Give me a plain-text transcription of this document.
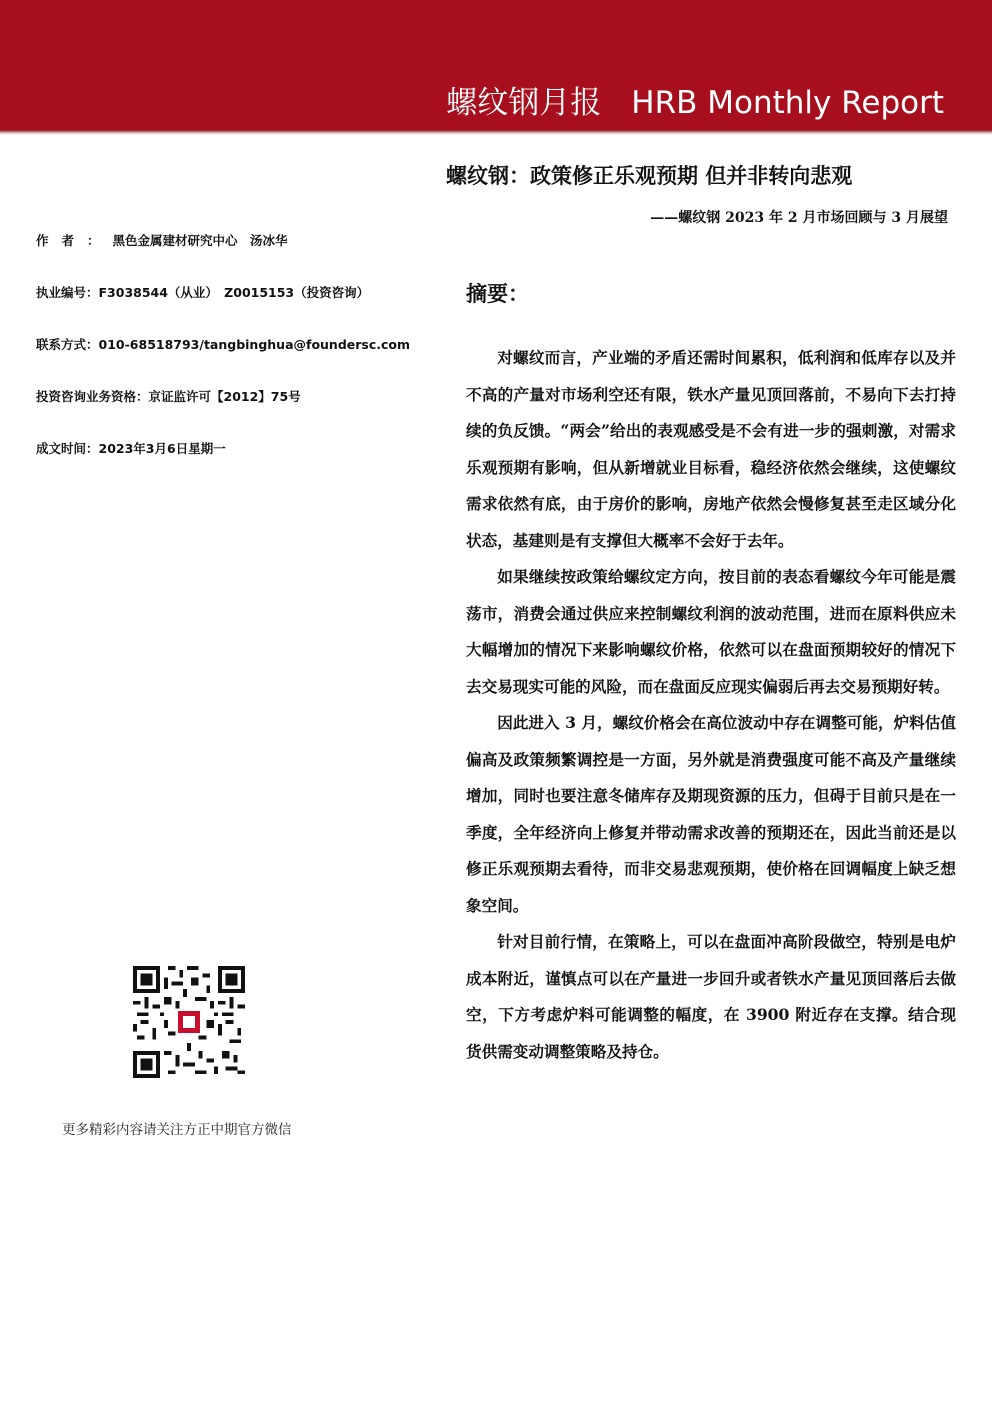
螺纹钢月报 HRB Monthly Report
螺纹钢：政策修正乐观预期 但并非转向悲观
——螺纹钢 2023 年 2 月市场回顾与 3 月展望
作者：黑色金属建材研究中心　汤冰华
执业编号：F3038544（从业）　Z0015153（投资咨询）
联系方式：010-68518793/tangbinghua@foundersc.com
投资咨询业务资格：京证监许可【2012】75号
成文时间：2023年3月6日星期一
摘要：

对螺纹而言，产业端的矛盾还需时间累积，低利润和低库存以及并不高的产量对市场利空还有限，铁水产量见顶回落前，不易向下去打持续的负反馈。“两会”给出的表观感受是不会有进一步的强刺激，对需求乐观预期有影响，但从新增就业目标看，稳经济依然会继续，这使螺纹需求依然有底，由于房价的影响，房地产依然会慢修复甚至走区域分化状态，基建则是有支撑但大概率不会好于去年。

如果继续按政策给螺纹定方向，按目前的表态看螺纹今年可能是震荡市，消费会通过供应来控制螺纹利润的波动范围，进而在原料供应未大幅增加的情况下来影响螺纹价格，依然可以在盘面预期较好的情况下去交易现实可能的风险，而在盘面反应现实偏弱后再去交易预期好转。

因此进入 3 月，螺纹价格会在高位波动中存在调整可能，炉料估值偏高及政策频繁调控是一方面，另外就是消费强度可能不高及产量继续增加，同时也要注意冬储库存及期现资源的压力，但碍于目前只是在一季度，全年经济向上修复并带动需求改善的预期还在，因此当前还是以修正乐观预期去看待，而非交易悲观预期，使价格在回调幅度上缺乏想象空间。

针对目前行情，在策略上，可以在盘面冲高阶段做空，特别是电炉成本附近，谨慎点可以在产量进一步回升或者铁水产量见顶回落后去做空，下方考虑炉料可能调整的幅度，在 3900 附近存在支撑。结合现货供需变动调整策略及持仓。

更多精彩内容请关注方正中期官方微信
